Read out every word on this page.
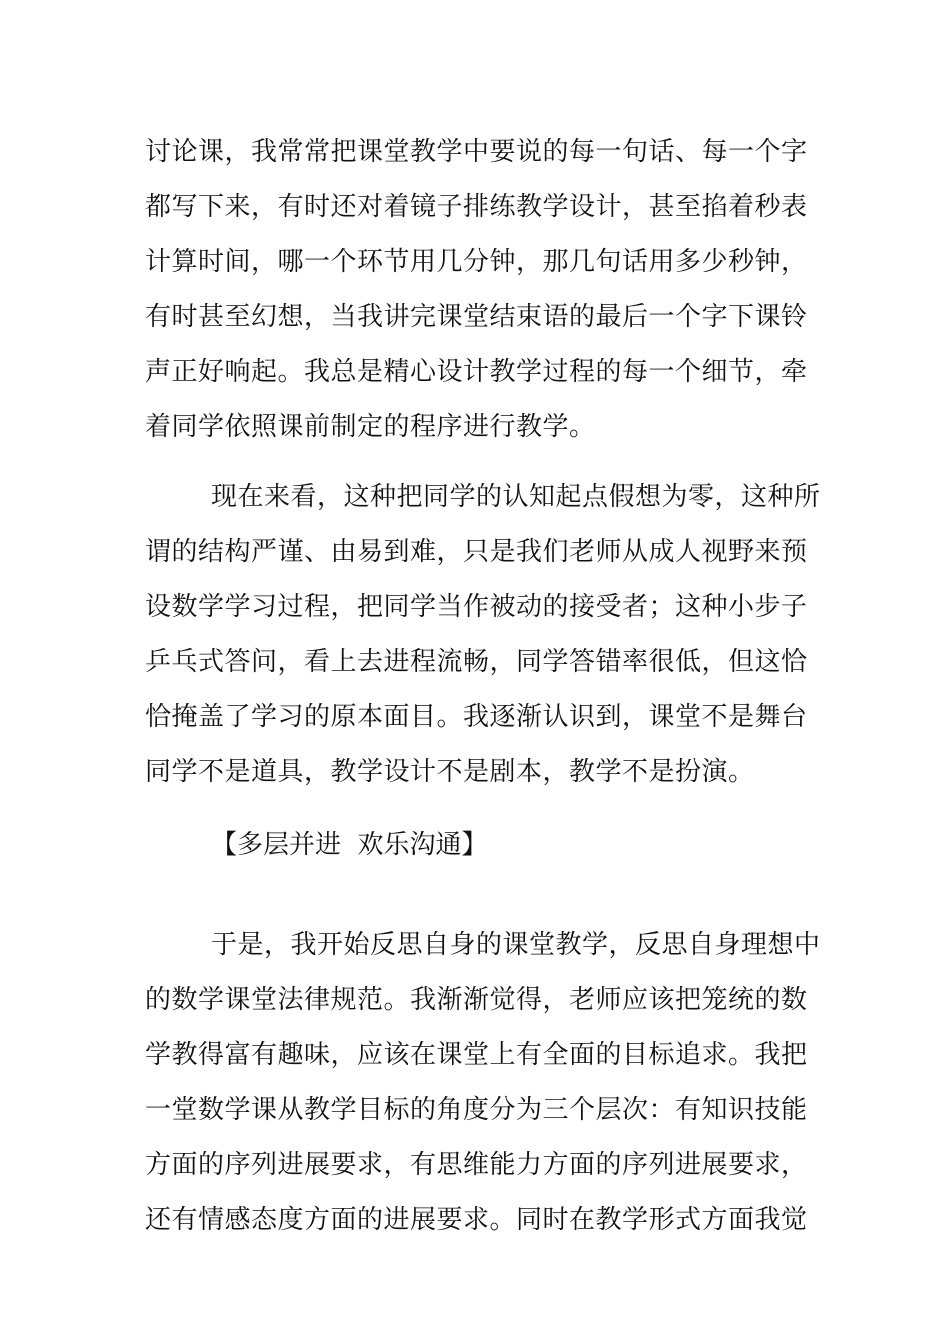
讨论课，我常常把课堂教学中要说的每一句话、每一个字
都写下来，有时还对着镜子排练教学设计，甚至掐着秒表
计算时间，哪一个环节用几分钟，那几句话用多少秒钟，
有时甚至幻想，当我讲完课堂结束语的最后一个字下课铃
声正好响起。我总是精心设计教学过程的每一个细节，牵
着同学依照课前制定的程序进行教学。
现在来看，这种把同学的认知起点假想为零，这种所
谓的结构严谨、由易到难，只是我们老师从成人视野来预
设数学学习过程，把同学当作被动的接受者；这种小步子
乒乓式答问，看上去进程流畅，同学答错率很低，但这恰
恰掩盖了学习的原本面目。我逐渐认识到，课堂不是舞台
同学不是道具，教学设计不是剧本，教学不是扮演。

【多层并进  欢乐沟通】

于是，我开始反思自身的课堂教学，反思自身理想中
的数学课堂法律规范。我渐渐觉得，老师应该把笼统的数
学教得富有趣味，应该在课堂上有全面的目标追求。我把
一堂数学课从教学目标的角度分为三个层次：有知识技能
方面的序列进展要求，有思维能力方面的序列进展要求，
还有情感态度方面的进展要求。同时在教学形式方面我觉
